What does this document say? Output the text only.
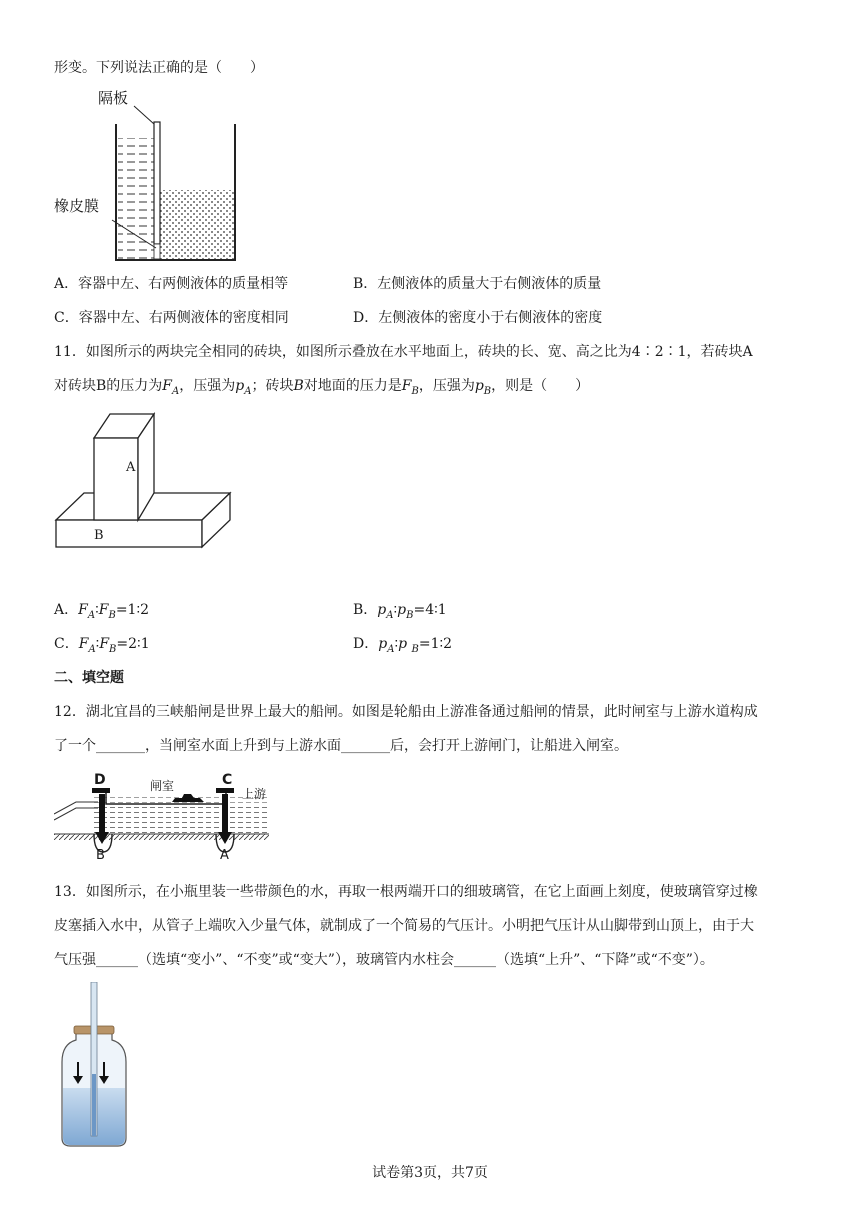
形变。下列说法正确的是（　　）
隔板
橡皮膜
A．容器中左、右两侧液体的质量相等	B．左侧液体的质量大于右侧液体的质量
C．容器中左、右两侧液体的密度相同	D．左侧液体的密度小于右侧液体的密度
11．如图所示的两块完全相同的砖块，如图所示叠放在水平地面上，砖块的长、宽、高之比为4∶2∶1，若砖块A
对砖块B的压力为$F_A$，压强为$p_A$；砖块B对地面的压力是$F_B$，压强为$p_B$，则是（　　）
A
B
A．$F_A∶F_B=1∶2$	B．$p_A∶p_B=4∶1$
C．$F_A∶F_B=2∶1$	D．$p_A∶p$ $_B$=1∶2
二、填空题
12．湖北宜昌的三峡船闸是世界上最大的船闸。如图是轮船由上游准备通过船闸的情景，此时闸室与上游水道构成
了一个_______，当闸室水面上升到与上游水面_______后，会打开上游闸门，让船进入闸室。
D	C
闸室
上游
B	A
13．如图所示，在小瓶里装一些带颜色的水，再取一根两端开口的细玻璃管，在它上面画上刻度，使玻璃管穿过橡
皮塞插入水中，从管子上端吹入少量气体，就制成了一个简易的气压计。小明把气压计从山脚带到山顶上，由于大
气压强______（选填“变小”、“不变”或“变大”），玻璃管内水柱会______（选填“上升”、“下降”或“不变”）。
试卷第3页，共7页
